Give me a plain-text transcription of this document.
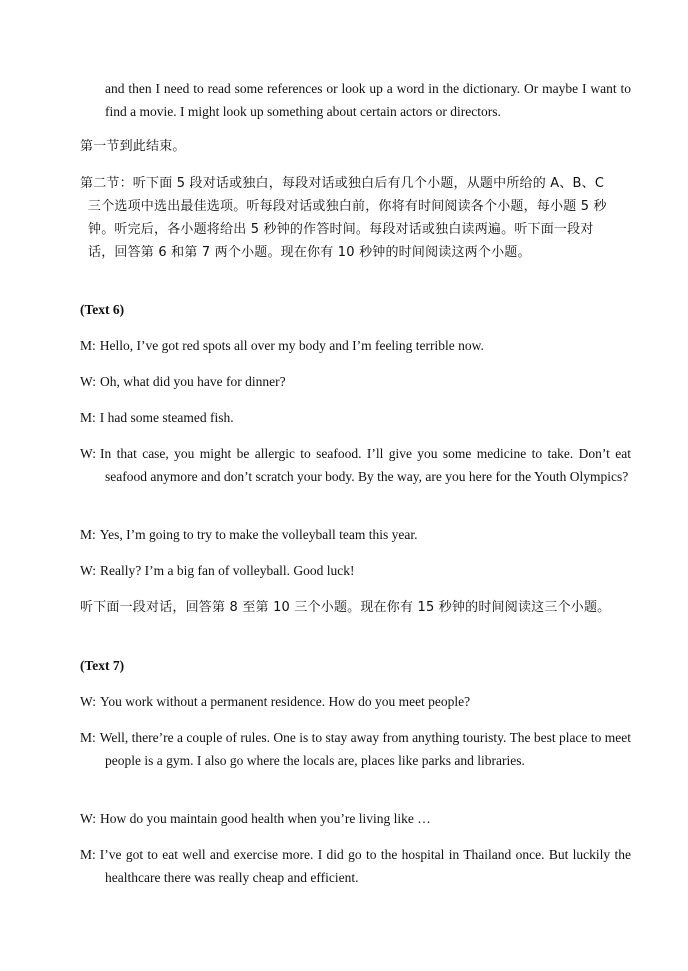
and then I need to read some references or look up a word in the dictionary. Or maybe I want to find a movie. I might look up something about certain actors or directors.

第一节到此结束。

第二节：听下面 5 段对话或独白，每段对话或独白后有几个小题，从题中所给的 A、B、C 三个选项中选出最佳选项。听每段对话或独白前，你将有时间阅读各个小题，每小题 5 秒钟。听完后，各小题将给出 5 秒钟的作答时间。每段对话或独白读两遍。听下面一段对话，回答第 6 和第 7 两个小题。现在你有 10 秒钟的时间阅读这两个小题。

(Text 6)

M: Hello, I’ve got red spots all over my body and I’m feeling terrible now.

W: Oh, what did you have for dinner?

M: I had some steamed fish.

W: In that case, you might be allergic to seafood. I’ll give you some medicine to take. Don’t eat seafood anymore and don’t scratch your body. By the way, are you here for the Youth Olympics?

M: Yes, I’m going to try to make the volleyball team this year.

W: Really? I’m a big fan of volleyball. Good luck!

听下面一段对话，回答第 8 至第 10 三个小题。现在你有 15 秒钟的时间阅读这三个小题。

(Text 7)

W: You work without a permanent residence. How do you meet people?

M: Well, there’re a couple of rules. One is to stay away from anything touristy. The best place to meet people is a gym. I also go where the locals are, places like parks and libraries.

W: How do you maintain good health when you’re living like …

M: I’ve got to eat well and exercise more. I did go to the hospital in Thailand once. But luckily the healthcare there was really cheap and efficient.
